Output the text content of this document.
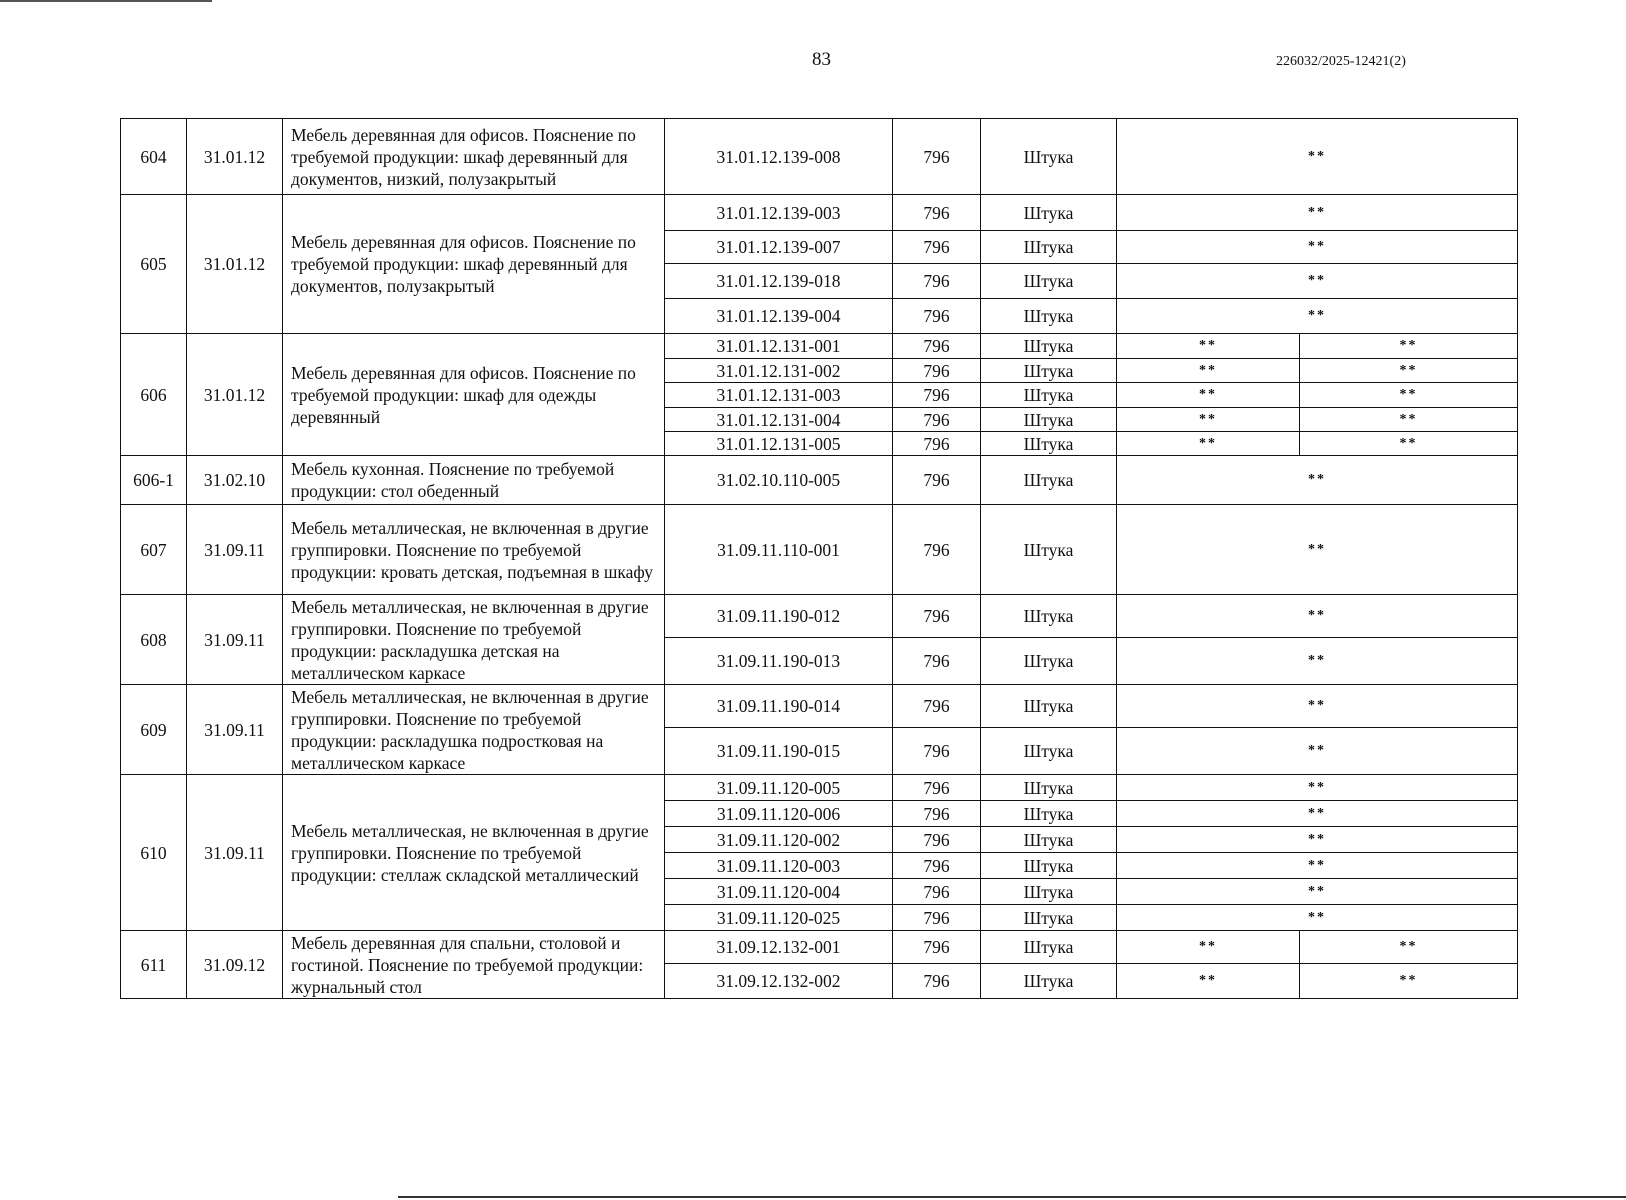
83	226032/2025-12421(2)
604	31.01.12	Мебель деревянная для офисов. Пояснение по требуемой продукции: шкаф деревянный для документов, низкий, полузакрытый	31.01.12.139-008	796	Штука	**	
605	31.01.12	Мебель деревянная для офисов. Пояснение по требуемой продукции: шкаф деревянный для документов, полузакрытый	31.01.12.139-003	796	Штука	**	
			31.01.12.139-007	796	Штука	**	
			31.01.12.139-018	796	Штука	**	
			31.01.12.139-004	796	Штука	**	
606	31.01.12	Мебель деревянная для офисов. Пояснение по требуемой продукции: шкаф для одежды деревянный	31.01.12.131-001	796	Штука	**	**
			31.01.12.131-002	796	Штука	**	**
			31.01.12.131-003	796	Штука	**	**
			31.01.12.131-004	796	Штука	**	**
			31.01.12.131-005	796	Штука	**	**
606-1	31.02.10	Мебель кухонная. Пояснение по требуемой продукции: стол обеденный	31.02.10.110-005	796	Штука	**	
607	31.09.11	Мебель металлическая, не включенная в другие группировки. Пояснение по требуемой продукции: кровать детская, подъемная в шкафу	31.09.11.110-001	796	Штука	**	
608	31.09.11	Мебель металлическая, не включенная в другие группировки. Пояснение по требуемой продукции: раскладушка детская на металлическом каркасе	31.09.11.190-012	796	Штука	**	
			31.09.11.190-013	796	Штука	**	
609	31.09.11	Мебель металлическая, не включенная в другие группировки. Пояснение по требуемой продукции: раскладушка подростковая на металлическом каркасе	31.09.11.190-014	796	Штука	**	
			31.09.11.190-015	796	Штука	**	
610	31.09.11	Мебель металлическая, не включенная в другие группировки. Пояснение по требуемой продукции: стеллаж складской металлический	31.09.11.120-005	796	Штука	**	
			31.09.11.120-006	796	Штука	**	
			31.09.11.120-002	796	Штука	**	
			31.09.11.120-003	796	Штука	**	
			31.09.11.120-004	796	Штука	**	
			31.09.11.120-025	796	Штука	**	
611	31.09.12	Мебель деревянная для спальни, столовой и гостиной. Пояснение по требуемой продукции: журнальный стол	31.09.12.132-001	796	Штука	**	**
			31.09.12.132-002	796	Штука	**	**
